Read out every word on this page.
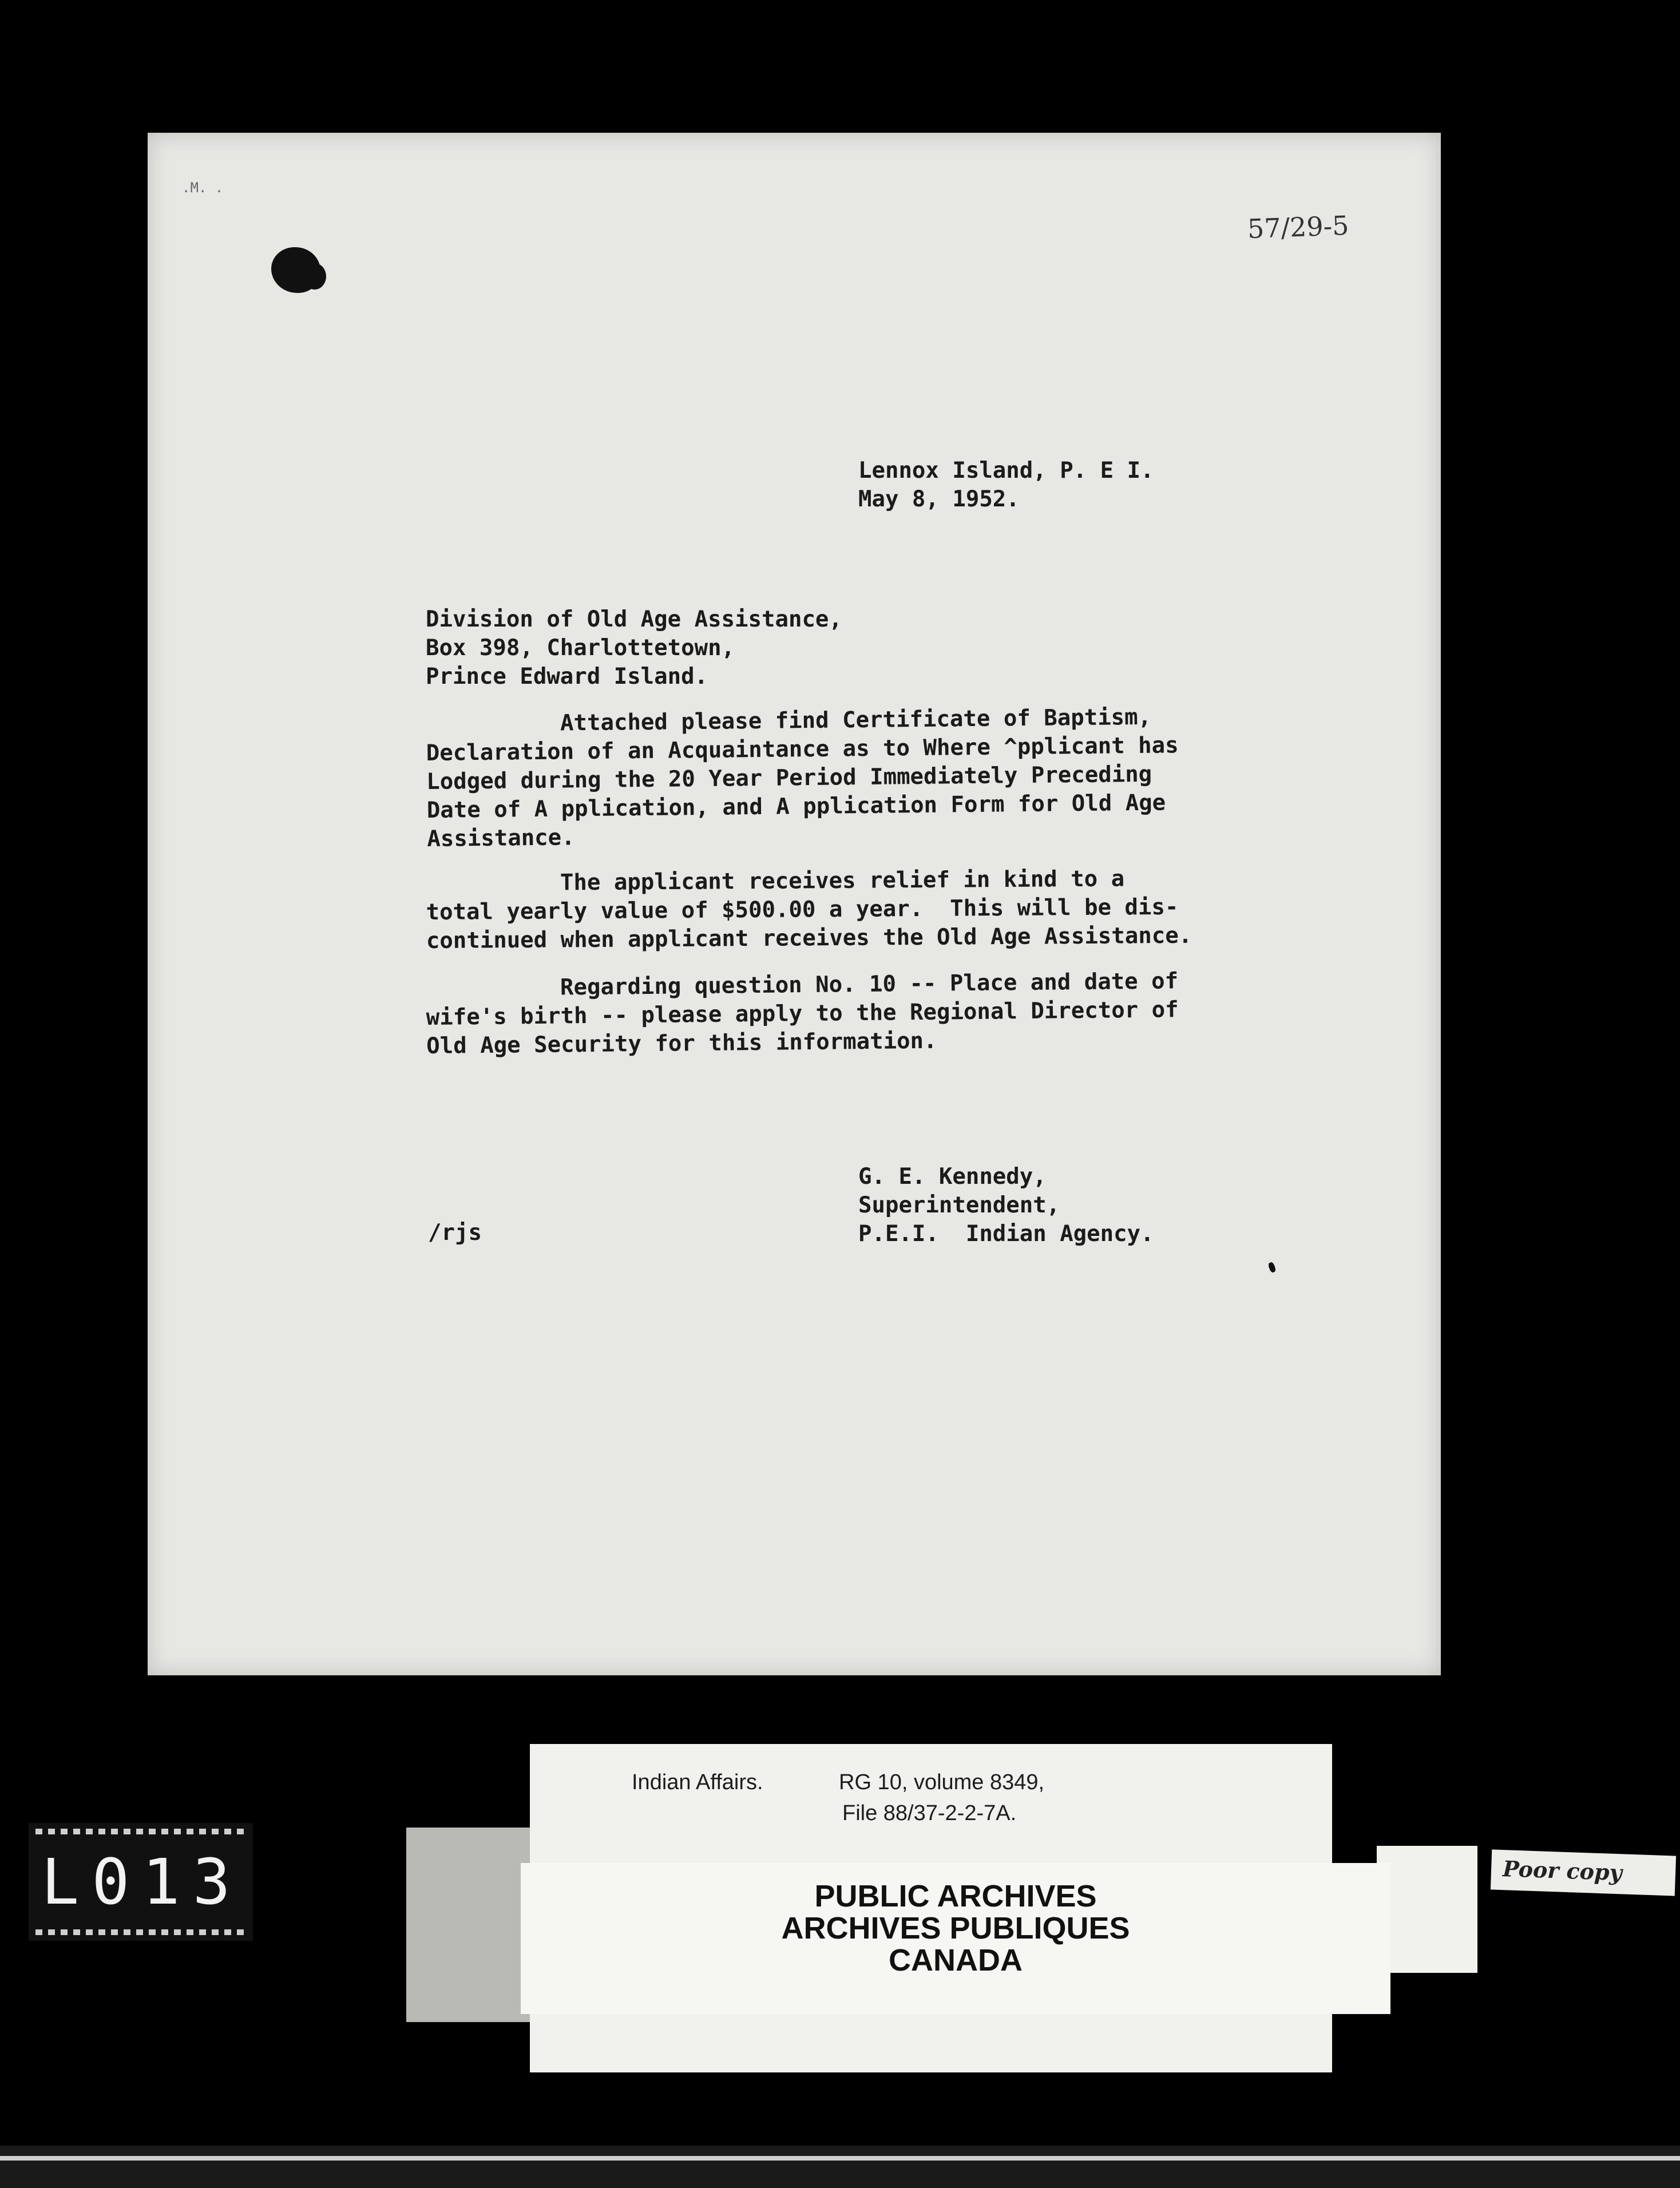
.M. .
57/29-5
Lennox Island, P. E I.
May 8, 1952.
Division of Old Age Assistance,
Box 398, Charlottetown,
Prince Edward Island.
Attached please find Certificate of Baptism,
Declaration of an Acquaintance as to Where ^pplicant has
Lodged during the 20 Year Period Immediately Preceding
Date of A pplication, and A pplication Form for Old Age
Assistance.
The applicant receives relief in kind to a
total yearly value of $500.00 a year.  This will be dis-
continued when applicant receives the Old Age Assistance.
Regarding question No. 10 -- Place and date of
wife's birth -- please apply to the Regional Director of
Old Age Security for this information.
G. E. Kennedy,
Superintendent,
P.E.I.  Indian Agency.
/rjs
L013
Indian Affairs.	RG 10, volume 8349,
File 88/37-2-2-7A.
PUBLIC ARCHIVES
ARCHIVES PUBLIQUES
CANADA
Poor copy
